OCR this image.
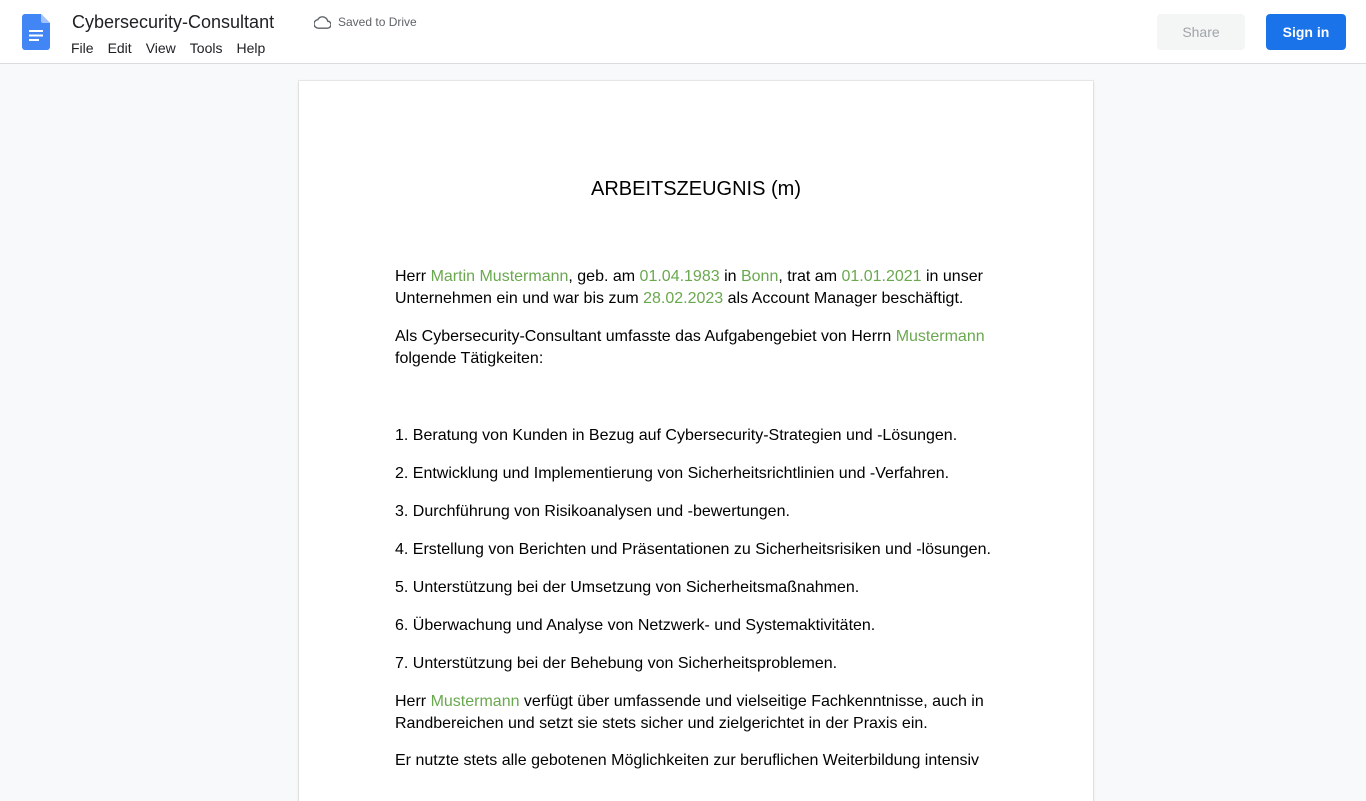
Cybersecurity-Consultant	Saved to Drive
File	Edit	View	Tools	Help
Share	Sign in
ARBEITSZEUGNIS (m)
Herr Martin Mustermann, geb. am 01.04.1983 in Bonn, trat am 01.01.2021 in unser
Unternehmen ein und war bis zum 28.02.2023 als Account Manager beschäftigt.
Als Cybersecurity-Consultant umfasste das Aufgabengebiet von Herrn Mustermann
folgende Tätigkeiten:
1. Beratung von Kunden in Bezug auf Cybersecurity-Strategien und -Lösungen.
2. Entwicklung und Implementierung von Sicherheitsrichtlinien und -Verfahren.
3. Durchführung von Risikoanalysen und -bewertungen.
4. Erstellung von Berichten und Präsentationen zu Sicherheitsrisiken und -lösungen.
5. Unterstützung bei der Umsetzung von Sicherheitsmaßnahmen.
6. Überwachung und Analyse von Netzwerk- und Systemaktivitäten.
7. Unterstützung bei der Behebung von Sicherheitsproblemen.
Herr Mustermann verfügt über umfassende und vielseitige Fachkenntnisse, auch in
Randbereichen und setzt sie stets sicher und zielgerichtet in der Praxis ein.
Er nutzte stets alle gebotenen Möglichkeiten zur beruflichen Weiterbildung intensiv
